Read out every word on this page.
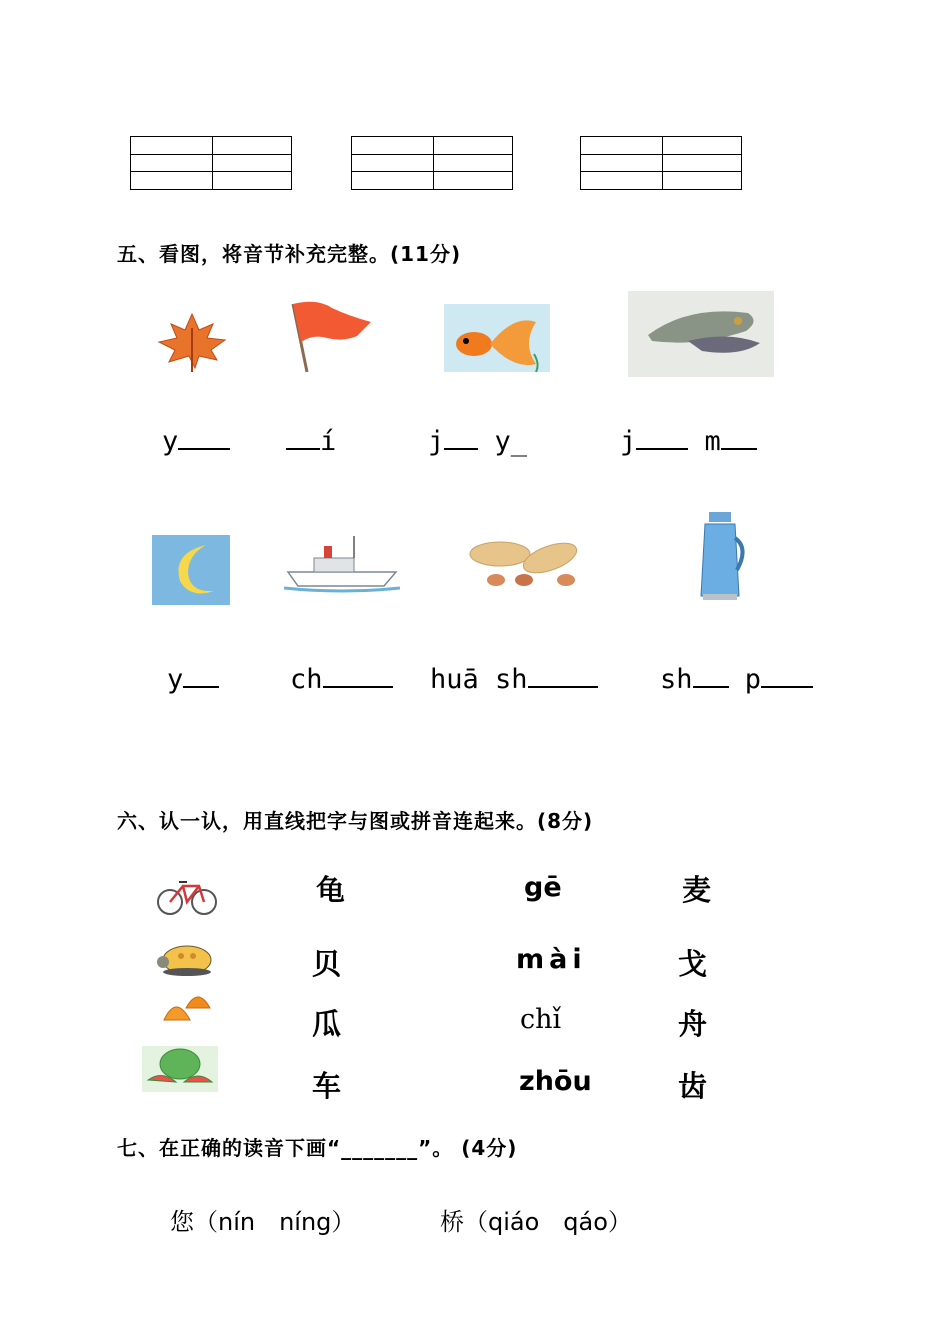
五、看图，将音节补充完整。(11分)
y	í	j y_	j m
y	ch	huā sh	sh p
六、认一认，用直线把字与图或拼音连起来。(8分)
龟
贝
瓜
车
gē
mài
chǐ
zhōu
麦
戈
舟
齿
七、在正确的读音下画“_______”。 (4分)
您（nín　níng）	桥（qiáo　qáo）
